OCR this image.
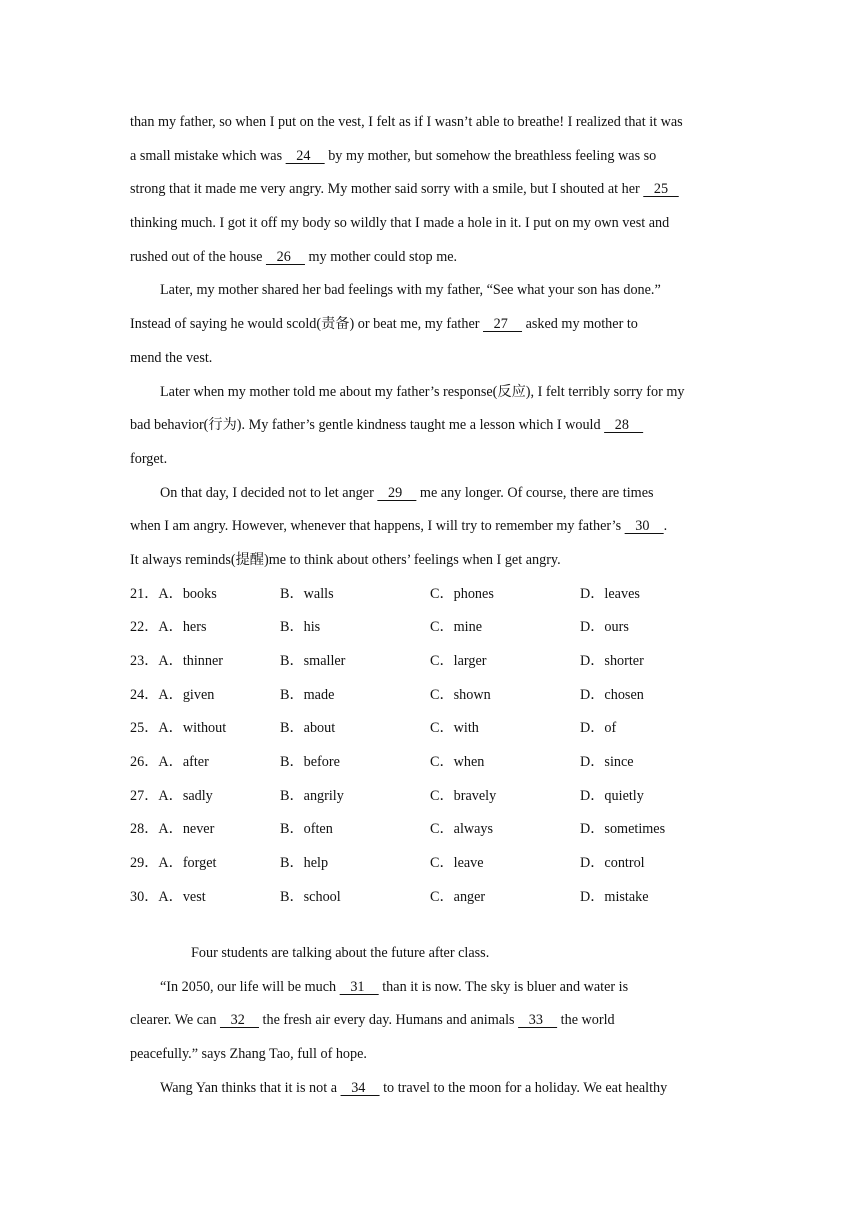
than my father, so when I put on the vest, I felt as if I wasn’t able to breathe! I realized that it was
a small mistake which was    24     by my mother, but somehow the breathless feeling was so
strong that it made me very angry. My mother said sorry with a smile, but I shouted at her    25
thinking much. I got it off my body so wildly that I made a hole in it. I put on my own vest and
rushed out of the house    26     my mother could stop me.
Later, my mother shared her bad feelings with my father, “See what your son has done.”
Instead of saying he would scold(责备) or beat me, my father    27     asked my mother to
mend the vest.
Later when my mother told me about my father’s response(反应), I felt terribly sorry for my
bad behavior(行为). My father’s gentle kindness taught me a lesson which I would    28
forget.
On that day, I decided not to let anger    29     me any longer. Of course, there are times
when I am angry. However, whenever that happens, I will try to remember my father’s    30    .
It always reminds(提醒)me to think about others’ feelings when I get angry.
21．A．books	B．walls	C．phones	D．leaves
22．A．hers	B．his	C．mine	D．ours
23．A．thinner	B．smaller	C．larger	D．shorter
24．A．given	B．made	C．shown	D．chosen
25．A．without	B．about	C．with	D．of
26．A．after	B．before	C．when	D．since
27．A．sadly	B．angrily	C．bravely	D．quietly
28．A．never	B．often	C．always	D．sometimes
29．A．forget	B．help	C．leave	D．control
30．A．vest	B．school	C．anger	D．mistake
Four students are talking about the future after class.
“In 2050, our life will be much    31     than it is now. The sky is bluer and water is
clearer. We can    32     the fresh air every day. Humans and animals    33     the world
peacefully.” says Zhang Tao, full of hope.
Wang Yan thinks that it is not a    34     to travel to the moon for a holiday. We eat healthy
